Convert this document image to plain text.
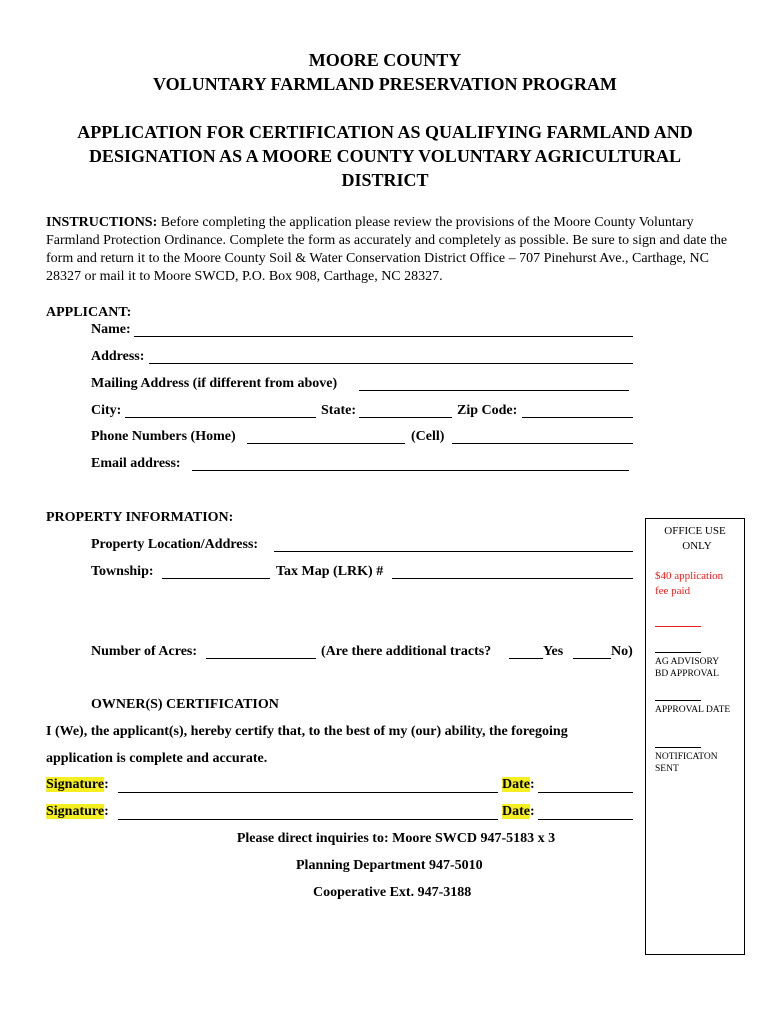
MOORE COUNTY
VOLUNTARY FARMLAND PRESERVATION PROGRAM
APPLICATION FOR CERTIFICATION AS QUALIFYING FARMLAND AND
DESIGNATION AS A MOORE COUNTY VOLUNTARY AGRICULTURAL
DISTRICT
INSTRUCTIONS: Before completing the application please review the provisions of the Moore County Voluntary Farmland Protection Ordinance. Complete the form as accurately and completely as possible. Be sure to sign and date the form and return it to the Moore County Soil & Water Conservation District Office – 707 Pinehurst Ave., Carthage, NC 28327 or mail it to Moore SWCD, P.O. Box 908, Carthage, NC 28327.
APPLICANT:
Name:
Address:
Mailing Address (if different from above)
City:	State:	Zip Code:
Phone Numbers (Home)	(Cell)
Email address:
PROPERTY INFORMATION:
Property Location/Address:
Township:	Tax Map (LRK) #
Number of Acres:	(Are there additional tracts?	Yes	No)
OWNER(S) CERTIFICATION
I (We), the applicant(s), hereby certify that, to the best of my (our) ability, the foregoing
application is complete and accurate.
Signature:	Date:
Signature:	Date:
Please direct inquiries to: Moore SWCD 947-5183 x 3
Planning Department 947-5010
Cooperative Ext. 947-3188
OFFICE USE
ONLY
$40 application
fee paid
AG ADVISORY
BD APPROVAL
APPROVAL DATE
NOTIFICATON
SENT
